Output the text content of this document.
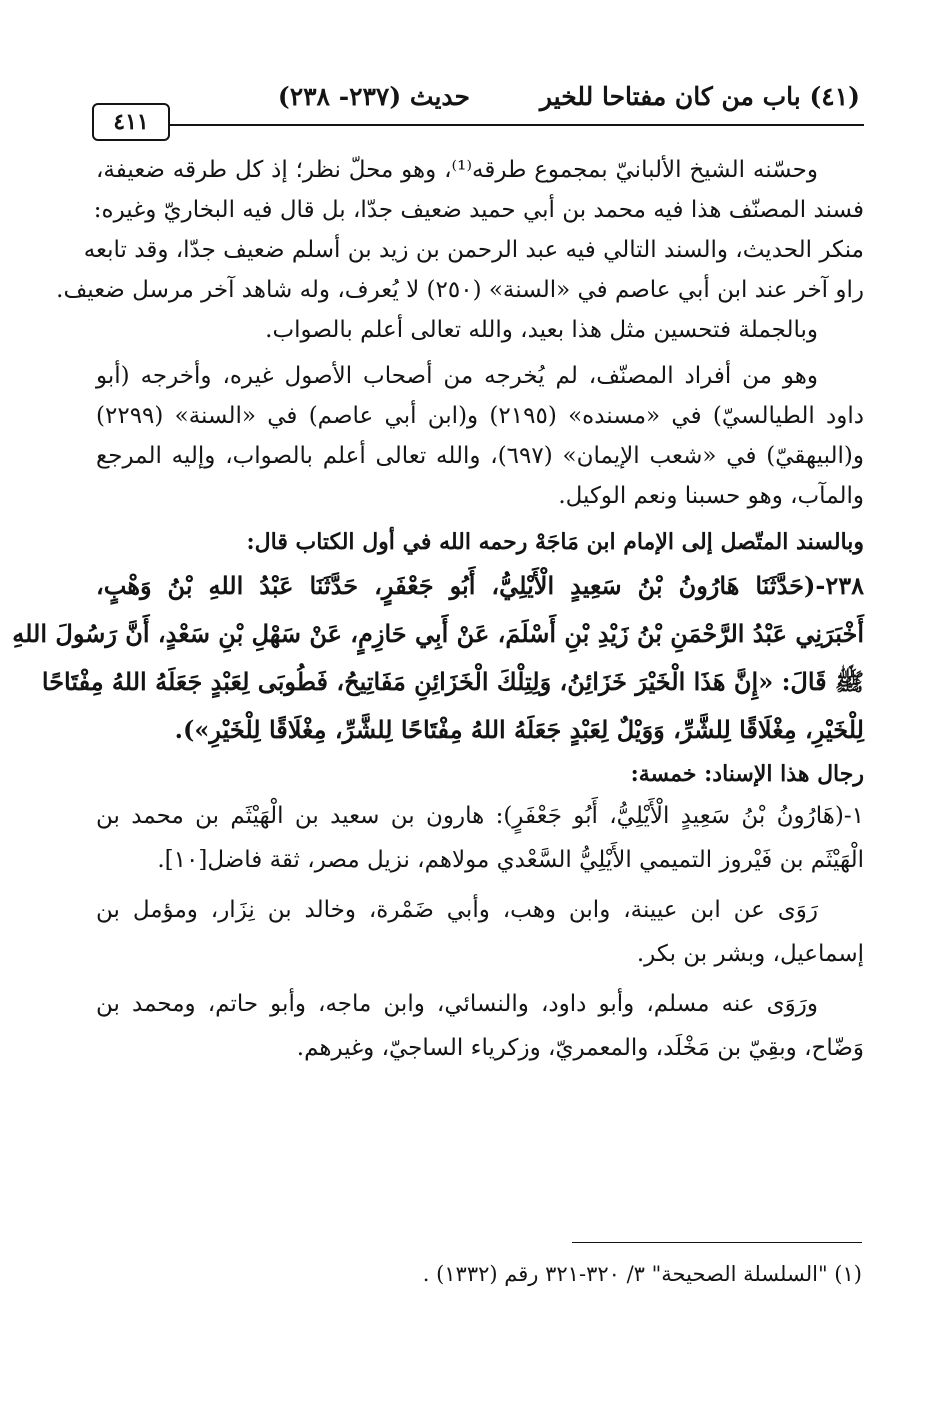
(٤١) باب من كان مفتاحا للخير
حديث (٢٣٧- ٢٣٨)
٤١١
وحسّنه الشيخ الألبانيّ بمجموع طرقه⁽¹⁾، وهو محلّ نظر؛ إذ كل طرقه ضعيفة،
فسند المصنّف هذا فيه محمد بن أبي حميد ضعيف جدّا، بل قال فيه البخاريّ وغيره:
منكر الحديث، والسند التالي فيه عبد الرحمن بن زيد بن أسلم ضعيف جدّا، وقد تابعه
راو آخر عند ابن أبي عاصم في «السنة» (٢٥٠) لا يُعرف، وله شاهد آخر مرسل ضعيف.
وبالجملة فتحسين مثل هذا بعيد، والله تعالى أعلم بالصواب.
وهو من أفراد المصنّف، لم يُخرجه من أصحاب الأصول غيره، وأخرجه (أبو
داود الطيالسيّ) في «مسنده» (٢١٩٥) و(ابن أبي عاصم) في «السنة» (٢٢٩٩)
و(البيهقيّ) في «شعب الإيمان» (٦٩٧)، والله تعالى أعلم بالصواب، وإليه المرجع
والمآب، وهو حسبنا ونعم الوكيل.
وبالسند المتّصل إلى الإمام ابن مَاجَهْ رحمه الله في أول الكتاب قال:
٢٣٨-(حَدَّثَنَا هَارُونُ بْنُ سَعِيدٍ الْأَيْلِيُّ، أَبُو جَعْفَرٍ، حَدَّثَنَا عَبْدُ اللهِ بْنُ وَهْبٍ،
أَخْبَرَنِي عَبْدُ الرَّحْمَنِ بْنُ زَيْدِ بْنِ أَسْلَمَ، عَنْ أَبِي حَازِمٍ، عَنْ سَهْلِ بْنِ سَعْدٍ، أَنَّ رَسُولَ اللهِ
ﷺ قَالَ: «إِنَّ هَذَا الْخَيْرَ خَزَائِنُ، وَلِتِلْكَ الْخَزَائِنِ مَفَاتِيحُ، فَطُوبَى لِعَبْدٍ جَعَلَهُ اللهُ مِفْتَاحًا
لِلْخَيْرِ، مِغْلَاقًا لِلشَّرِّ، وَوَيْلٌ لِعَبْدٍ جَعَلَهُ اللهُ مِفْتَاحًا لِلشَّرِّ، مِغْلَاقًا لِلْخَيْرِ»).
رجال هذا الإسناد: خمسة:
١-(هَارُونُ بْنُ سَعِيدٍ الْأَيْلِيُّ، أَبُو جَعْفَرٍ): هارون بن سعيد بن الْهَيْثَم بن محمد بن
الْهَيْثَم بن فَيْروز التميمي الأَيْلِيُّ السَّعْدي مولاهم، نزيل مصر، ثقة فاضل[١٠].
رَوَى عن ابن عيينة، وابن وهب، وأبي ضَمْرة، وخالد بن نِزَار، ومؤمل بن
إسماعيل، وبشر بن بكر.
ورَوَى عنه مسلم، وأبو داود، والنسائي، وابن ماجه، وأبو حاتم، ومحمد بن
وَضّاح، وبقِيّ بن مَخْلَد، والمعمريّ، وزكرياء الساجيّ، وغيرهم.
(١) "السلسلة الصحيحة" ٣/ ٣٢٠-٣٢١ رقم (١٣٣٢) .
